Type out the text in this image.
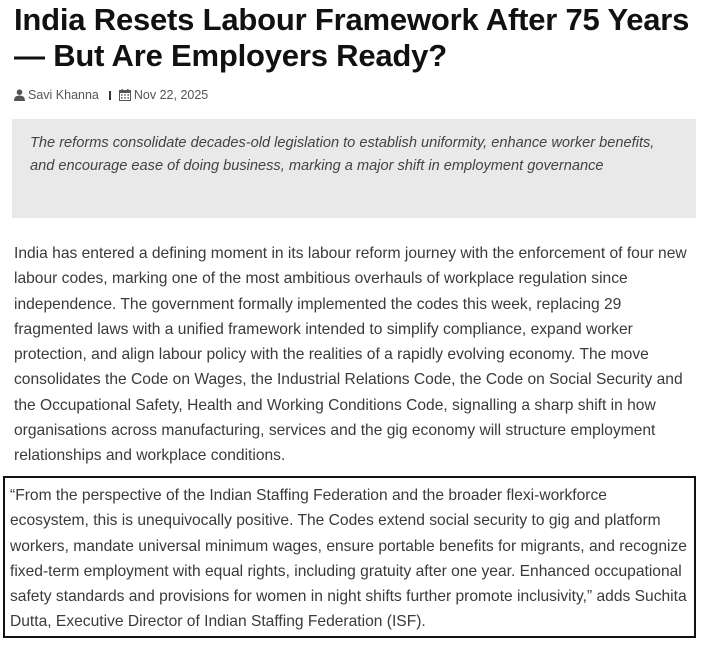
India Resets Labour Framework After 75 Years — But Are Employers Ready?
Savi Khanna	Nov 22, 2025

The reforms consolidate decades-old legislation to establish uniformity, enhance worker benefits, and encourage ease of doing business, marking a major shift in employment governance

India has entered a defining moment in its labour reform journey with the enforcement of four new labour codes, marking one of the most ambitious overhauls of workplace regulation since independence. The government formally implemented the codes this week, replacing 29 fragmented laws with a unified framework intended to simplify compliance, expand worker protection, and align labour policy with the realities of a rapidly evolving economy. The move consolidates the Code on Wages, the Industrial Relations Code, the Code on Social Security and the Occupational Safety, Health and Working Conditions Code, signalling a sharp shift in how organisations across manufacturing, services and the gig economy will structure employment relationships and workplace conditions.

“From the perspective of the Indian Staffing Federation and the broader flexi-workforce ecosystem, this is unequivocally positive. The Codes extend social security to gig and platform workers, mandate universal minimum wages, ensure portable benefits for migrants, and recognize fixed-term employment with equal rights, including gratuity after one year. Enhanced occupational safety standards and provisions for women in night shifts further promote inclusivity,” adds Suchita Dutta, Executive Director of Indian Staffing Federation (ISF).
